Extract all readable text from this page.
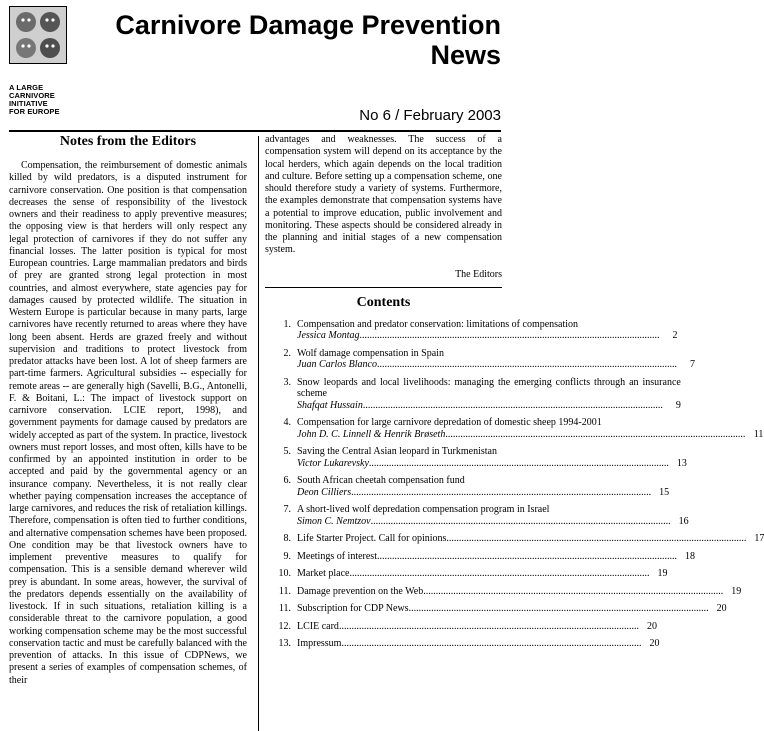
A LARGE
CARNIVORE
INITIATIVE
FOR EUROPE
Carnivore Damage Prevention
News
No 6 / February 2003
Notes from the Editors

Compensation, the reimbursement of domestic animals killed by wild predators, is a disputed instrument for carnivore conservation. One position is that compensation decreases the sense of responsibility of the livestock owners and their readiness to apply preventive measures; the opposing view is that herders will only respect any legal protection of carnivores if they do not suffer any financial losses. The latter position is typical for most European countries. Large mammalian predators and birds of prey are granted strong legal protection in most countries, and almost everywhere, state agencies pay for damages caused by protected wildlife. The situation in Western Europe is particular because in many parts, large carnivores have recently returned to areas where they have long been absent. Herds are grazed freely and without supervision and traditions to protect livestock from predator attacks have been lost. A lot of sheep farmers are part-time farmers. Agricultural subsidies -- especially for remote areas -- are generally high (Savelli, B.G., Antonelli, F. & Boitani, L.: The impact of livestock support on carnivore conservation. LCIE report, 1998), and government payments for damage caused by predators are widely accepted as part of the system. In practice, livestock owners must report losses, and most often, kills have to be confirmed by an appointed institution in order to be accepted and paid by the governmental agency or an insurance company. Nevertheless, it is not really clear whether paying compensation increases the acceptance of large carnivores, and reduces the risk of retaliation killings. Therefore, compensation is often tied to further conditions, and alternative compensation schemes have been proposed. One condition may be that livestock owners have to implement preventive measures to qualify for compensation. This is a sensible demand wherever wild prey is abundant. In some areas, however, the survival of the predators depends essentially on the availability of livestock. If in such situations, retaliation killing is a considerable threat to the carnivore population, a good working compensation scheme may be the most successful conservation tactic and must be carefully balanced with the prevention of attacks. In this issue of CDPNews, we present a series of examples of compensation schemes, of their

advantages and weaknesses. The success of a compensation system will depend on its acceptance by the local herders, which again depends on the local tradition and culture. Before setting up a compensation scheme, one should therefore study a variety of systems. Furthermore, the examples demonstrate that compensation systems have a potential to improve education, public involvement and monitoring. These aspects should be considered already in the planning and initial stages of a new compensation system.

The Editors
Contents
1. Compensation and predator conservation: limitations of compensation
Jessica Montag .....	2
2. Wolf damage compensation in Spain
Juan Carlos Blanco .....	7
3. Snow leopards and local livelihoods: managing the emerging conflicts through an insurance scheme
Shafqat Hussain .....	9
4. Compensation for large carnivore depredation of domestic sheep 1994-2001
John D. C. Linnell & Henrik Brøseth .....	11
5. Saving the Central Asian leopard in Turkmenistan
Victor Lukarevsky .....	13
6. South African cheetah compensation fund
Deon Cilliers .....	15
7. A short-lived wolf depredation compensation program in Israel
Simon C. Nemtzov .....	16
8. Life Starter Project. Call for opinions .....	17
9. Meetings of interest .....	18
10. Market place .....	19
11. Damage prevention on the Web .....	19
11. Subscription for CDP News .....	20
12. LCIE card .....	20
13. Impressum .....	20
